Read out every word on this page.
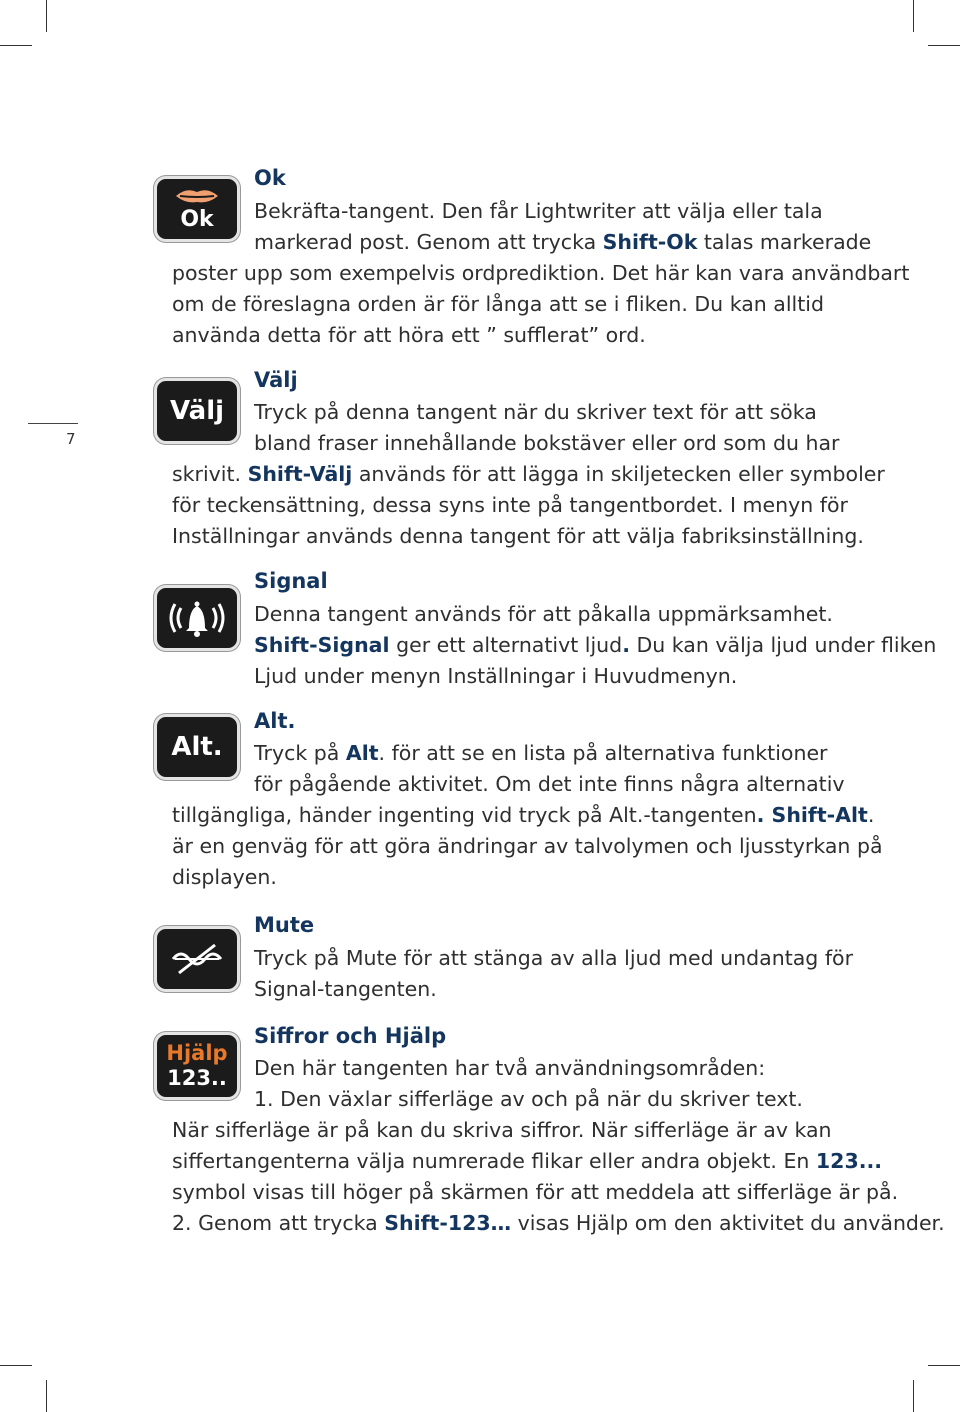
7
Ok
Ok
Bekräfta-tangent. Den får Lightwriter att välja eller tala
markerad post. Genom att trycka Shift-Ok talas markerade
poster upp som exempelvis ordprediktion. Det här kan vara användbart
om de föreslagna orden är för långa att se i fliken. Du kan alltid
använda detta för att höra ett ” sufflerat” ord.
Välj
Välj
Tryck på denna tangent när du skriver text för att söka
bland fraser innehållande bokstäver eller ord som du har
skrivit. Shift-Välj används för att lägga in skiljetecken eller symboler
för teckensättning, dessa syns inte på tangentbordet. I menyn för
Inställningar används denna tangent för att välja fabriksinställning.
Signal
Denna tangent används för att påkalla uppmärksamhet.
Shift-Signal ger ett alternativt ljud. Du kan välja ljud under fliken
Ljud under menyn Inställningar i Huvudmenyn.
Alt.
Alt.
Tryck på Alt. för att se en lista på alternativa funktioner
för pågående aktivitet. Om det inte finns några alternativ
tillgängliga, händer ingenting vid tryck på Alt.-tangenten. Shift-Alt.
är en genväg för att göra ändringar av talvolymen och ljusstyrkan på
displayen.
Mute
Tryck på Mute för att stänga av alla ljud med undantag för
Signal-tangenten.
Hjälp
123..
Siffror och Hjälp
Den här tangenten har två användningsområden:
1. Den växlar sifferläge av och på när du skriver text.
När sifferläge är på kan du skriva siffror. När sifferläge är av kan
siffertangenterna välja numrerade flikar eller andra objekt. En 123...
symbol visas till höger på skärmen för att meddela att sifferläge är på.
2. Genom att trycka Shift-123… visas Hjälp om den aktivitet du använder.
